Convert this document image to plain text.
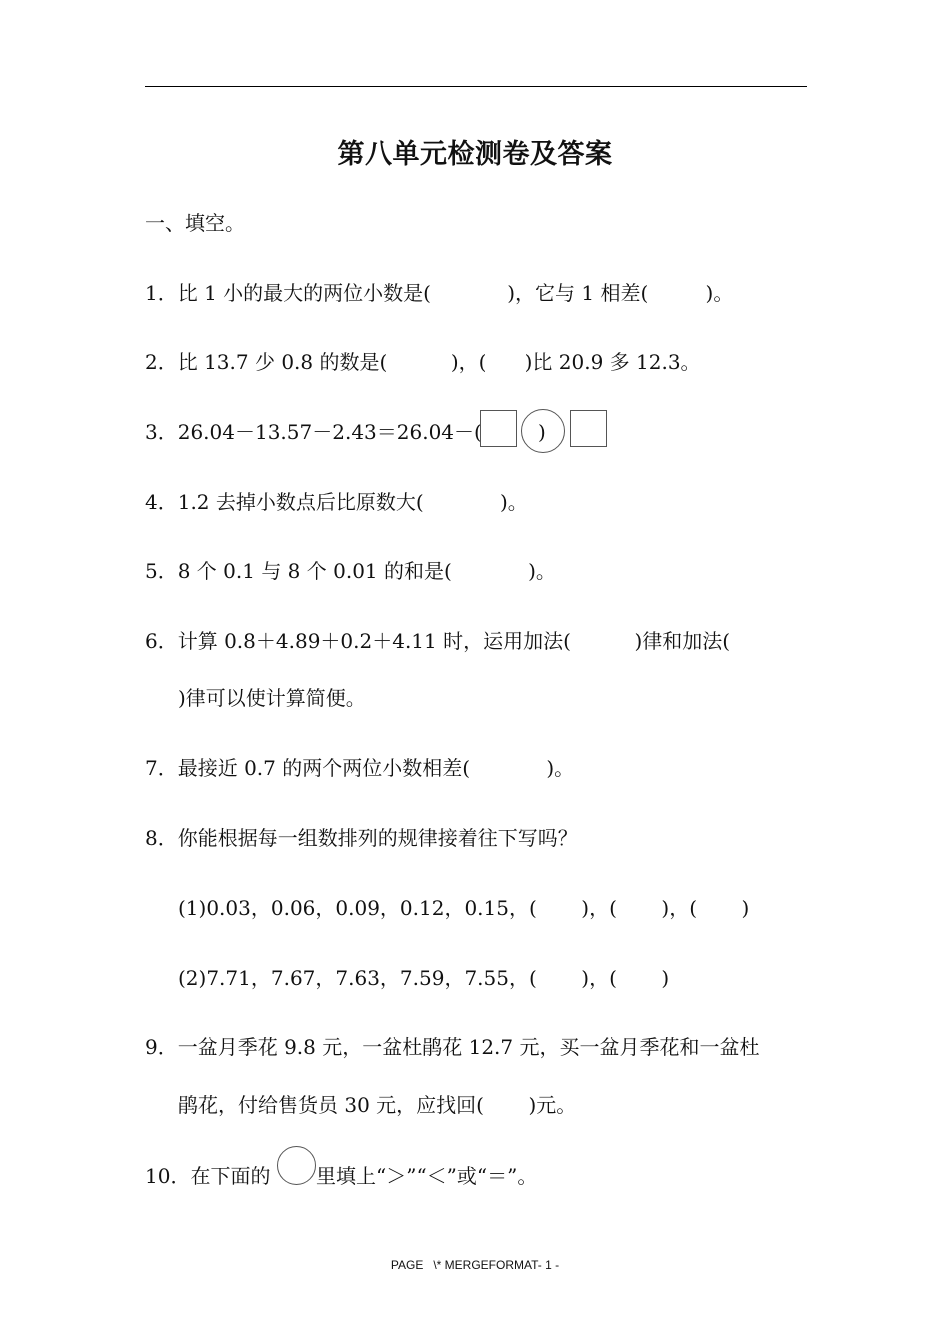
第八单元检测卷及答案
一、填空。
1．比 1 小的最大的两位小数是(            )，它与 1 相差(         )。
2．比 13.7 少 0.8 的数是(          )，(      )比 20.9 多 12.3。
3．26.04－13.57－2.43＝26.04－(	)
4．1.2 去掉小数点后比原数大(            )。
5．8 个 0.1 与 8 个 0.01 的和是(            )。
6．计算 0.8＋4.89＋0.2＋4.11 时，运用加法(          )律和加法(
)律可以使计算简便。
7．最接近 0.7 的两个两位小数相差(            )。
8．你能根据每一组数排列的规律接着往下写吗？
(1)0.03，0.06，0.09，0.12，0.15，(       )，(       )，(       )
(2)7.71，7.67，7.63，7.59，7.55，(       )，(       )
9．一盆月季花 9.8 元，一盆杜鹃花 12.7 元，买一盆月季花和一盆杜
鹃花，付给售货员 30 元，应找回(       )元。
10．在下面的 里填上“＞”“＜”或“＝”。
PAGE   \* MERGEFORMAT- 1 -
